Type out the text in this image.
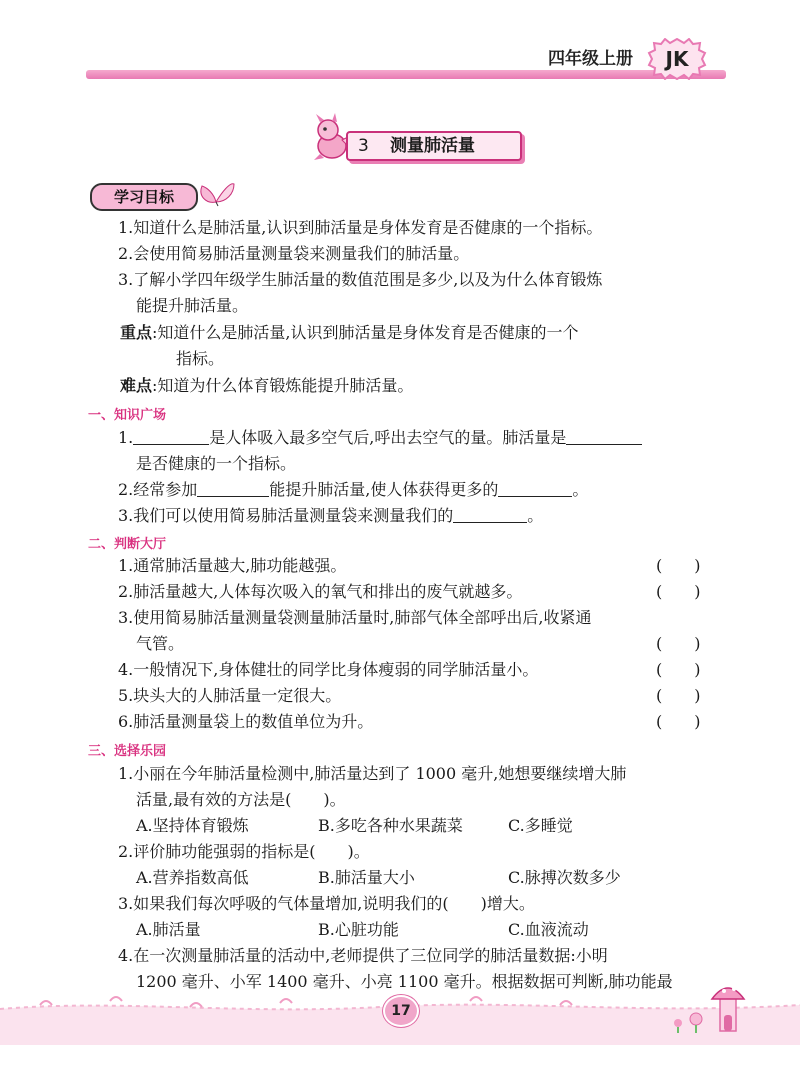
四年级上册	JK
3 测量肺活量
学习目标
1.知道什么是肺活量,认识到肺活量是身体发育是否健康的一个指标。
2.会使用简易肺活量测量袋来测量我们的肺活量。
3.了解小学四年级学生肺活量的数值范围是多少,以及为什么体育锻炼
能提升肺活量。
重点:知道什么是肺活量,认识到肺活量是身体发育是否健康的一个
指标。
难点:知道为什么体育锻炼能提升肺活量。
一、知识广场
1.	是人体吸入最多空气后,呼出去空气的量。肺活量是
是否健康的一个指标。
2.经常参加	能提升肺活量,使人体获得更多的	。
3.我们可以使用简易肺活量测量袋来测量我们的	。
二、判断大厅
1.通常肺活量越大,肺功能越强。	(　　)
2.肺活量越大,人体每次吸入的氧气和排出的废气就越多。	(　　)
3.使用简易肺活量测量袋测量肺活量时,肺部气体全部呼出后,收紧通
气管。	(　　)
4.一般情况下,身体健壮的同学比身体瘦弱的同学肺活量小。	(　　)
5.块头大的人肺活量一定很大。	(　　)
6.肺活量测量袋上的数值单位为升。	(　　)
三、选择乐园
1.小丽在今年肺活量检测中,肺活量达到了 1000 毫升,她想要继续增大肺
活量,最有效的方法是(　　)。
A.坚持体育锻炼	B.多吃各种水果蔬菜	C.多睡觉
2.评价肺功能强弱的指标是(　　)。
A.营养指数高低	B.肺活量大小	C.脉搏次数多少
3.如果我们每次呼吸的气体量增加,说明我们的(　　)增大。
A.肺活量	B.心脏功能	C.血液流动
4.在一次测量肺活量的活动中,老师提供了三位同学的肺活量数据:小明
1200 毫升、小军 1400 毫升、小亮 1100 毫升。根据数据可判断,肺功能最
17
